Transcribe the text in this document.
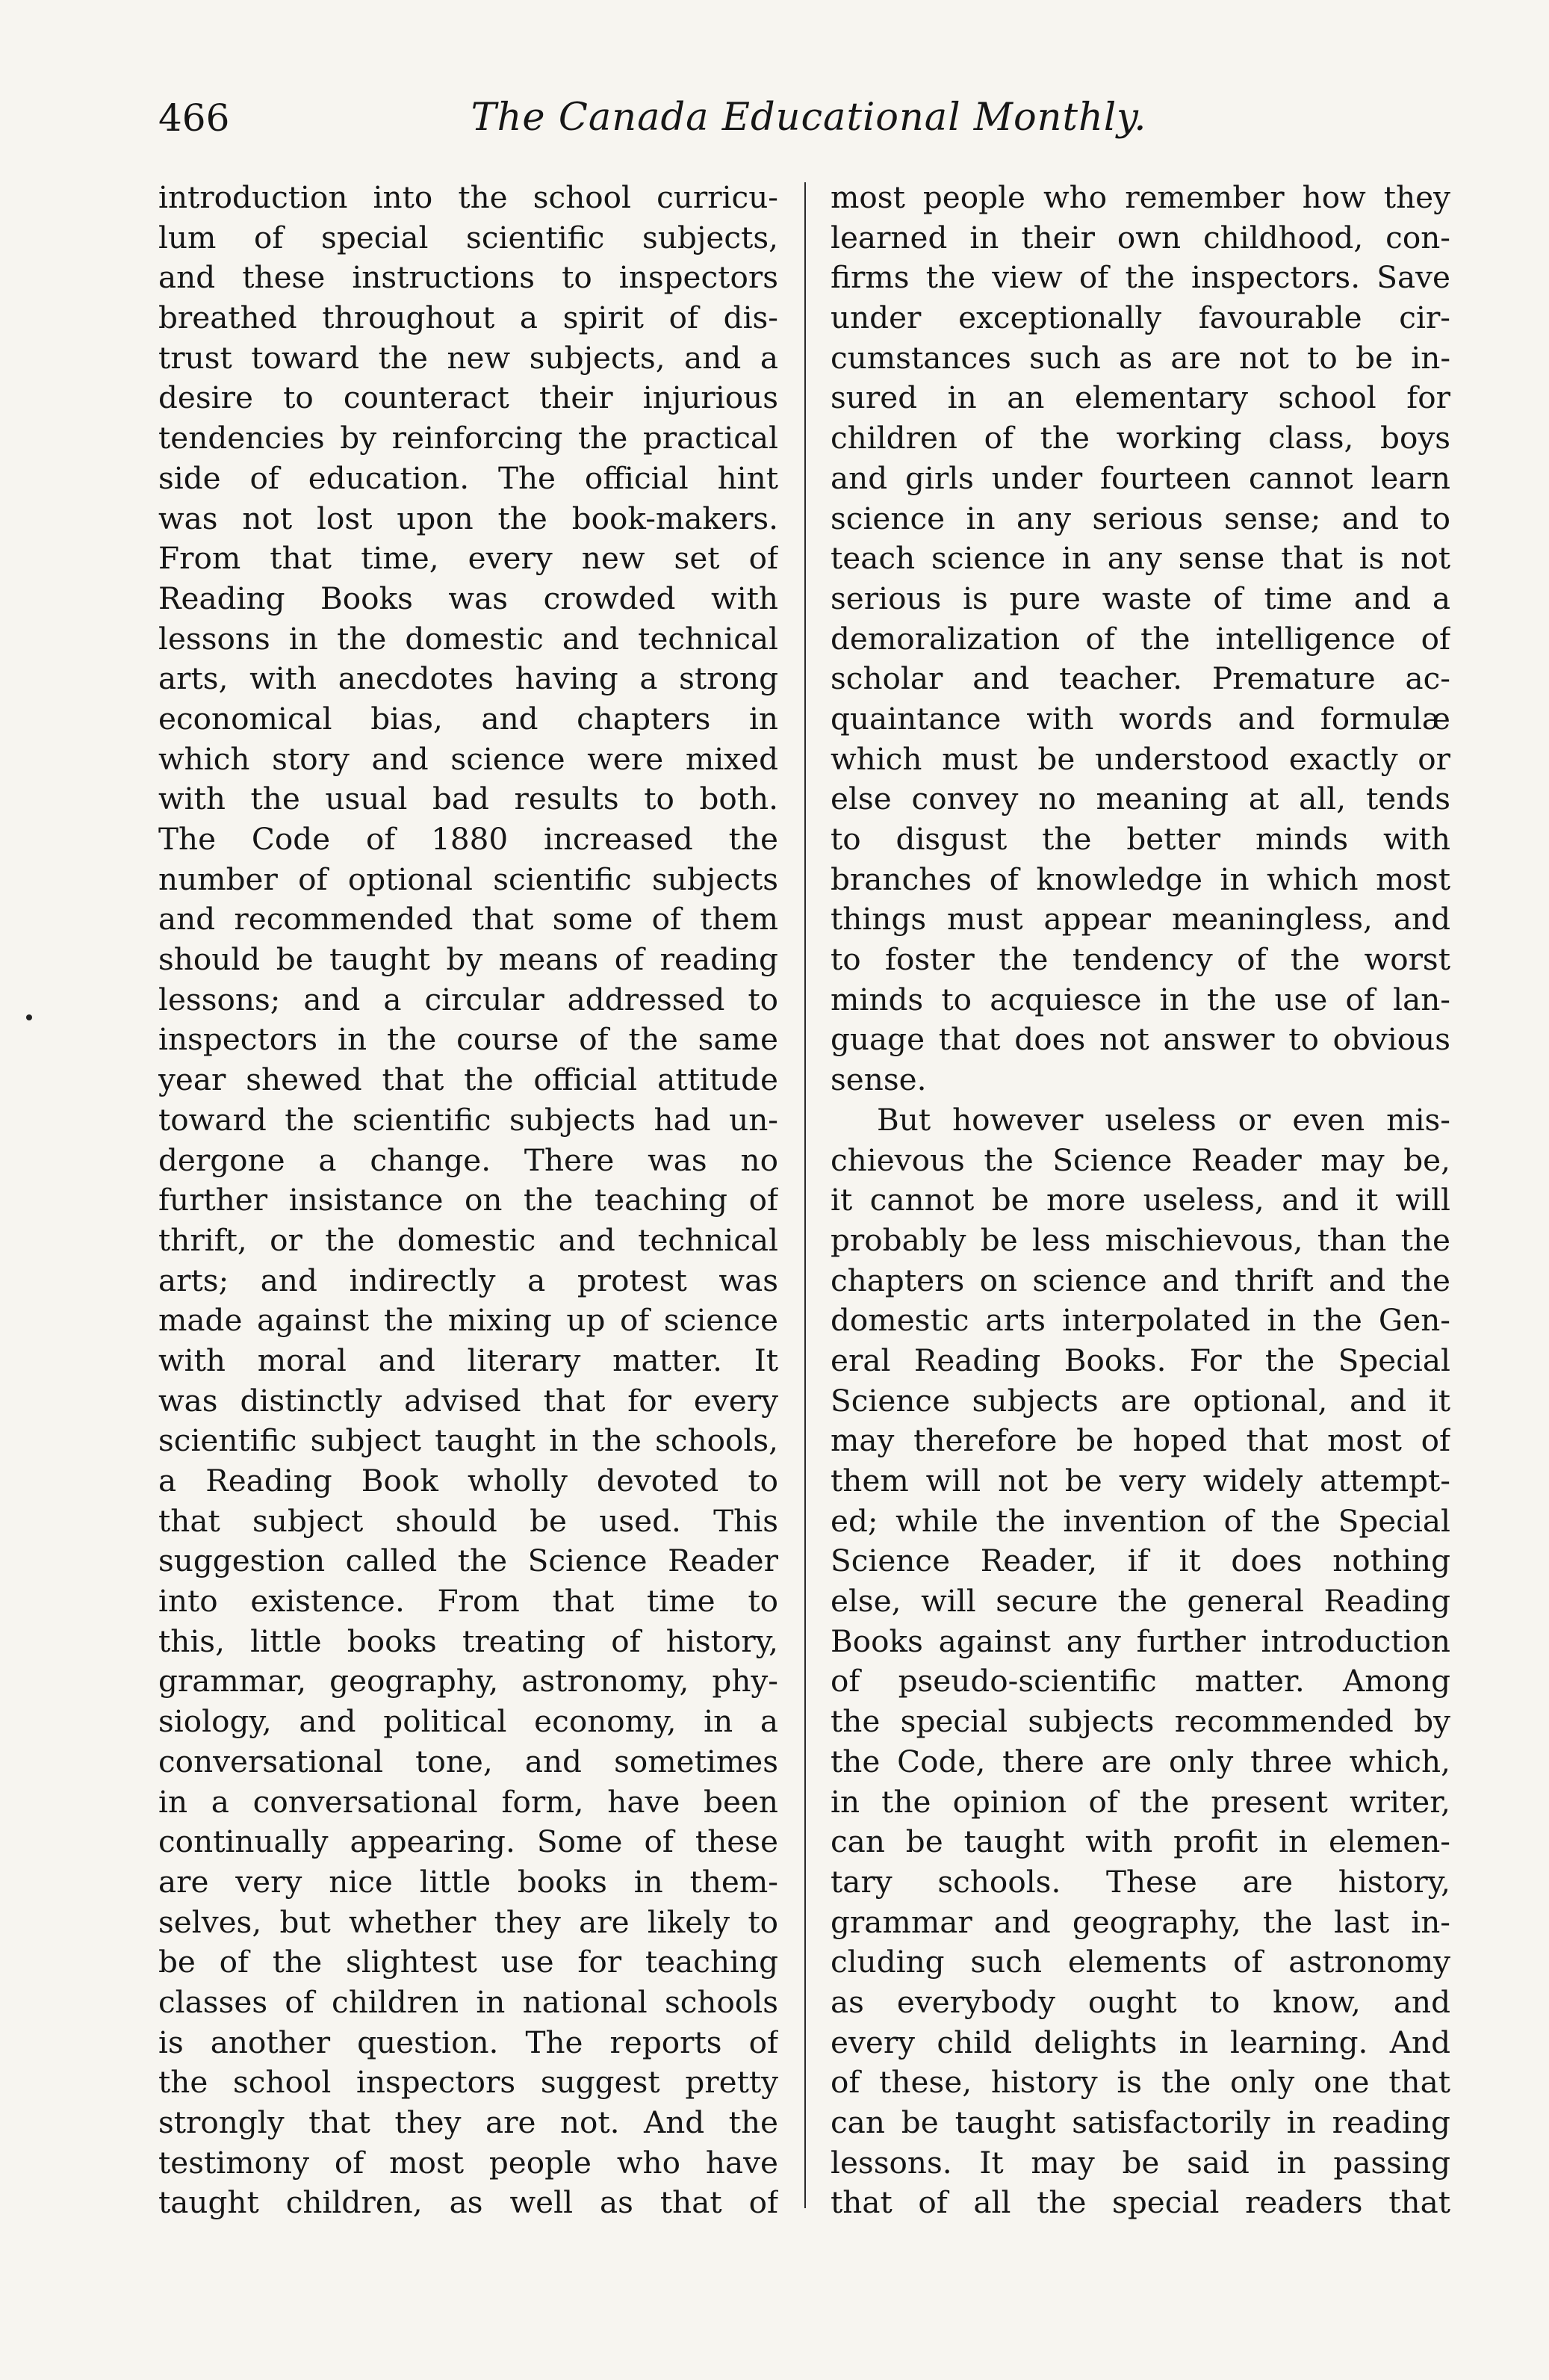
466	The Canada Educational Monthly.
introduction into the school curricu-
lum of special scientific subjects,
and these instructions to inspectors
breathed throughout a spirit of dis-
trust toward the new subjects, and a
desire to counteract their injurious
tendencies by reinforcing the practical
side of education. The official hint
was not lost upon the book-makers.
From that time, every new set of
Reading Books was crowded with
lessons in the domestic and technical
arts, with anecdotes having a strong
economical bias, and chapters in
which story and science were mixed
with the usual bad results to both.
The Code of 1880 increased the
number of optional scientific subjects
and recommended that some of them
should be taught by means of reading
lessons; and a circular addressed to
inspectors in the course of the same
year shewed that the official attitude
toward the scientific subjects had un-
dergone a change. There was no
further insistance on the teaching of
thrift, or the domestic and technical
arts; and indirectly a protest was
made against the mixing up of science
with moral and literary matter. It
was distinctly advised that for every
scientific subject taught in the schools,
a Reading Book wholly devoted to
that subject should be used. This
suggestion called the Science Reader
into existence. From that time to
this, little books treating of history,
grammar, geography, astronomy, phy-
siology, and political economy, in a
conversational tone, and sometimes
in a conversational form, have been
continually appearing. Some of these
are very nice little books in them-
selves, but whether they are likely to
be of the slightest use for teaching
classes of children in national schools
is another question. The reports of
the school inspectors suggest pretty
strongly that they are not. And the
testimony of most people who have
taught children, as well as that of
most people who remember how they
learned in their own childhood, con-
firms the view of the inspectors. Save
under exceptionally favourable cir-
cumstances such as are not to be in-
sured in an elementary school for
children of the working class, boys
and girls under fourteen cannot learn
science in any serious sense; and to
teach science in any sense that is not
serious is pure waste of time and a
demoralization of the intelligence of
scholar and teacher. Premature ac-
quaintance with words and formulæ
which must be understood exactly or
else convey no meaning at all, tends
to disgust the better minds with
branches of knowledge in which most
things must appear meaningless, and
to foster the tendency of the worst
minds to acquiesce in the use of lan-
guage that does not answer to obvious
sense.
But however useless or even mis-
chievous the Science Reader may be,
it cannot be more useless, and it will
probably be less mischievous, than the
chapters on science and thrift and the
domestic arts interpolated in the Gen-
eral Reading Books. For the Special
Science subjects are optional, and it
may therefore be hoped that most of
them will not be very widely attempt-
ed; while the invention of the Special
Science Reader, if it does nothing
else, will secure the general Reading
Books against any further introduction
of pseudo-scientific matter. Among
the special subjects recommended by
the Code, there are only three which,
in the opinion of the present writer,
can be taught with profit in elemen-
tary schools. These are history,
grammar and geography, the last in-
cluding such elements of astronomy
as everybody ought to know, and
every child delights in learning. And
of these, history is the only one that
can be taught satisfactorily in reading
lessons. It may be said in passing
that of all the special readers that
